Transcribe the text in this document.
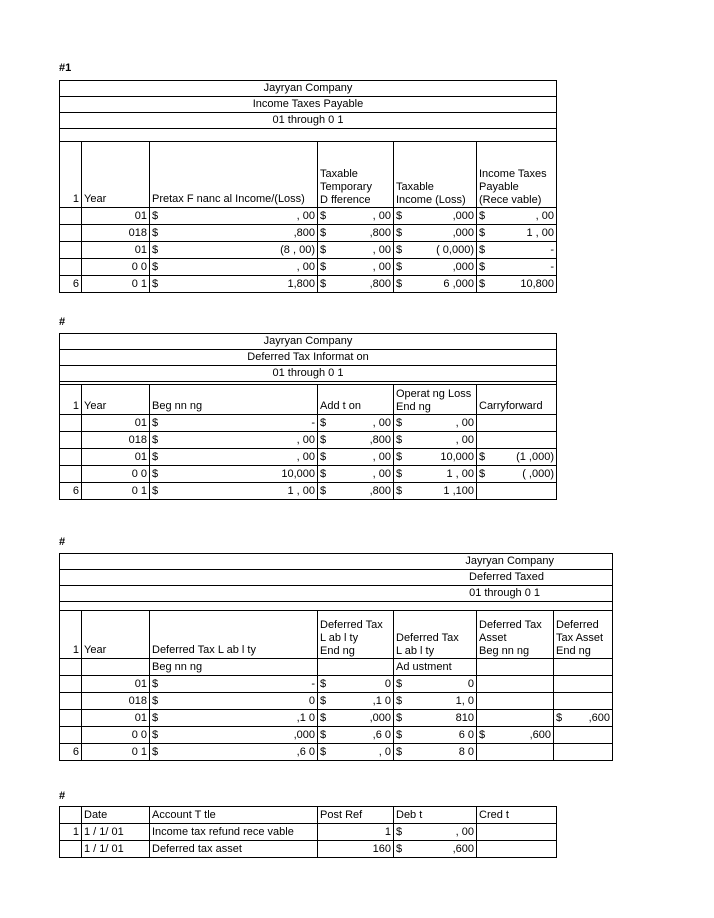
#1
Jayryan Company					
Income Taxes Payable					
01 through 0 1					

1	Year	Pretax F nanc al Income/(Loss)	Taxable
Temporary
D fference	Taxable
Income (Loss)	Income Taxes
Payable
(Rece vable)
	01	$ , 00	$ , 00	$ ,000	$ , 00

	018	$ ,800	$ ,800	$ ,000	$ 1 , 00

	01	$ (8 , 00)	$ , 00	$ ( 0,000)	$ -

	0 0	$ , 00	$ , 00	$ ,000	$ -

6	0 1	$ 1,800	$ ,800	$ 6 ,000	$ 10,800
#
Jayryan Company					
Deferred Tax Informat on					
01 through 0 1					

1	Year	Beg nn ng	Add t on	Operat ng Loss
End ng	Carryforward
	01	$ -	$ , 00	$ , 00	

	018	$ , 00	$ ,800	$ , 00	

	01	$ , 00	$ , 00	$ 10,000	$ (1 ,000)

	0 0	$ 10,000	$ , 00	$ 1 , 00	$ ( ,000)

6	0 1	$ 1 , 00	$ ,800	$ 1 ,100	

#
Jayryan Company						
Deferred Taxed						
01 through 0 1						

1	Year	Deferred Tax L ab l ty	Deferred Tax
L ab l ty
End ng	Deferred Tax
L ab l ty	Deferred Tax
Asset
Beg nn ng	Deferred
Tax Asset
End ng
		Beg nn ng		Ad ustment		
	01	$ -	$ 0	$ 0		

	018	$ 0	$ ,1 0	$ 1, 0		

	01	$ ,1 0	$ ,000	$ 810		$ ,600

	0 0	$ ,000	$ ,6 0	$ 6 0	$ ,600	

6	0 1	$ ,6 0	$ , 0	$ 8 0		

#
	Date	Account T tle	Post Ref	Deb t	Cred t
1	1 / 1/ 01	Income tax refund rece vable	1	$ , 00	

	1 / 1/ 01	Deferred tax asset	160	$ ,600	
